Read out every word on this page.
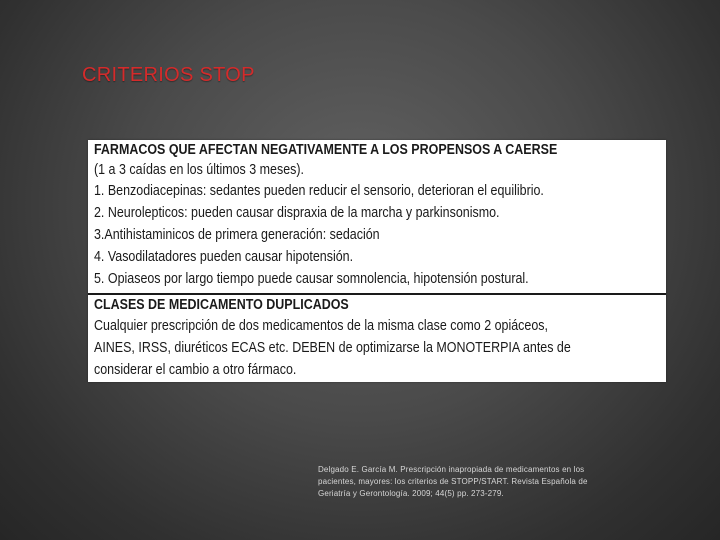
CRITERIOS STOP
FARMACOS QUE AFECTAN NEGATIVAMENTE A LOS PROPENSOS A CAERSE
(1 a 3 caídas en los últimos 3 meses).
1. Benzodiacepinas: sedantes pueden reducir el sensorio, deterioran el equilibrio.
2. Neurolepticos: pueden causar dispraxia de la marcha y parkinsonismo.
3.Antihistaminicos de primera generación: sedación
4. Vasodilatadores pueden causar hipotensión.
5. Opiaseos por largo tiempo puede causar somnolencia, hipotensión postural.
CLASES DE MEDICAMENTO DUPLICADOS
Cualquier prescripción de dos medicamentos de la misma clase como 2 opiáceos,
AINES, IRSS, diuréticos ECAS etc. DEBEN de optimizarse la MONOTERPIA antes de
considerar el cambio a otro fármaco.
Delgado E. García M. Prescripción inapropiada de medicamentos en los
pacientes, mayores: los criterios de STOPP/START. Revista Española de
Geriatría y Gerontología. 2009; 44(5) pp. 273-279.
